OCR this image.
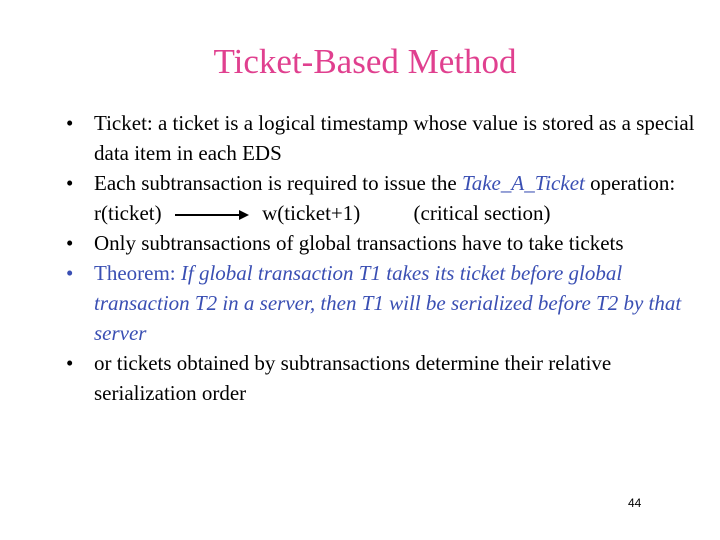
Ticket-Based Method
• Ticket: a ticket is a logical timestamp whose value is stored as a special data item in each EDS
• Each subtransaction is required to issue the Take_A_Ticket operation:
r(ticket)	w(ticket+1)	(critical section)
• Only subtransactions of global transactions have to take tickets
• Theorem: If global transaction T1 takes its ticket before global transaction T2 in a server, then T1 will be serialized before T2 by that server
• or tickets obtained by subtransactions determine their relative serialization order
44
